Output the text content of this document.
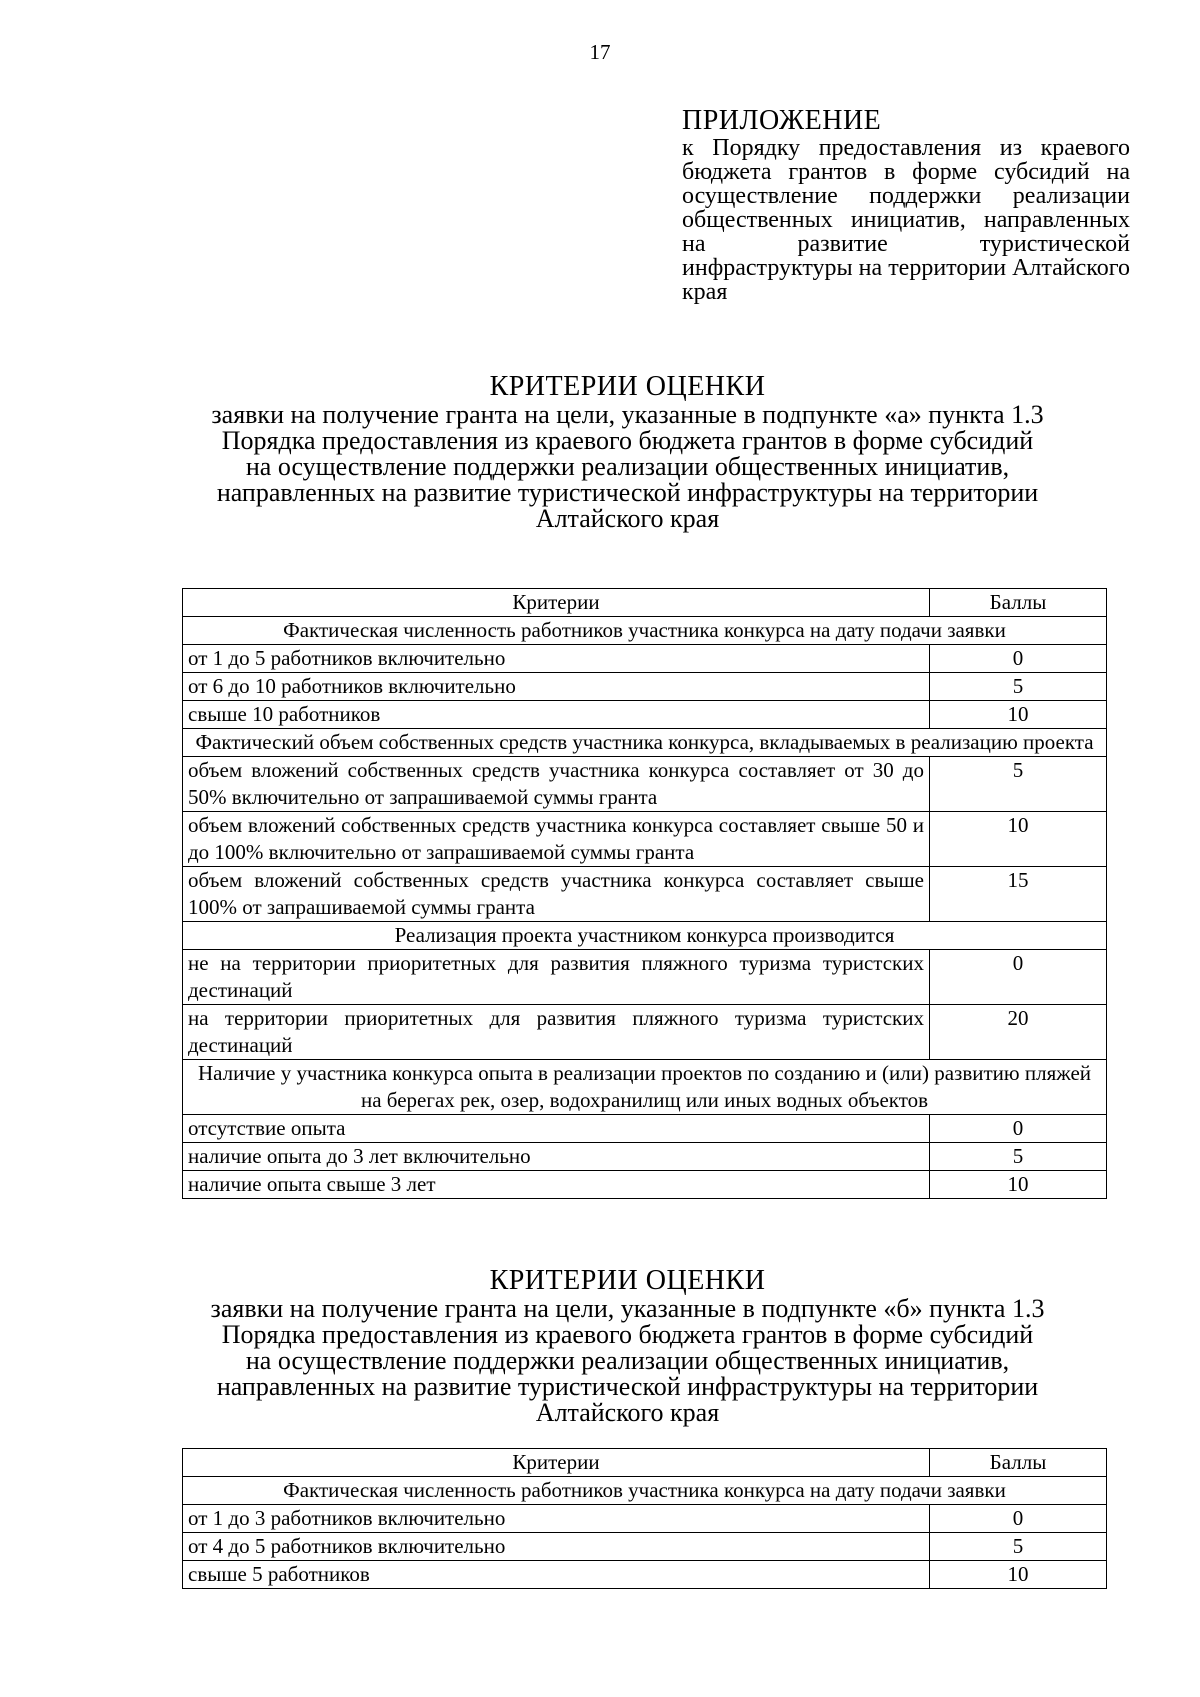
17
ПРИЛОЖЕНИЕ
к Порядку предоставления из краевого бюджета грантов в форме субсидий на осуществление поддержки реализации общественных инициатив, направленных на развитие туристической инфраструктуры на территории Алтайского края
КРИТЕРИИ ОЦЕНКИ
заявки на получение гранта на цели, указанные в подпункте «а» пункта 1.3
Порядка предоставления из краевого бюджета грантов в форме субсидий
на осуществление поддержки реализации общественных инициатив,
направленных на развитие туристической инфраструктуры на территории
Алтайского края
Критерии	Баллы
Фактическая численность работников участника конкурса на дату подачи заявки	
от 1 до 5 работников включительно	0
от 6 до 10 работников включительно	5
свыше 10 работников	10
Фактический объем собственных средств участника конкурса, вкладываемых в реализацию проекта	
объем вложений собственных средств участника конкурса составляет от 30 до 50% включительно от запрашиваемой суммы гранта	5
объем вложений собственных средств участника конкурса составляет свыше 50 и до 100% включительно от запрашиваемой суммы гранта	10
объем вложений собственных средств участника конкурса составляет свыше 100% от запрашиваемой суммы гранта	15
Реализация проекта участником конкурса производится	
не на территории приоритетных для развития пляжного туризма туристских дестинаций	0
на территории приоритетных для развития пляжного туризма туристских дестинаций	20
Наличие у участника конкурса опыта в реализации проектов по созданию и (или) развитию пляжей на берегах рек, озер, водохранилищ или иных водных объектов	
отсутствие опыта	0
наличие опыта до 3 лет включительно	5
наличие опыта свыше 3 лет	10
КРИТЕРИИ ОЦЕНКИ
заявки на получение гранта на цели, указанные в подпункте «б» пункта 1.3
Порядка предоставления из краевого бюджета грантов в форме субсидий
на осуществление поддержки реализации общественных инициатив,
направленных на развитие туристической инфраструктуры на территории
Алтайского края
Критерии	Баллы
Фактическая численность работников участника конкурса на дату подачи заявки	
от 1 до 3 работников включительно	0
от 4 до 5 работников включительно	5
свыше 5 работников	10
